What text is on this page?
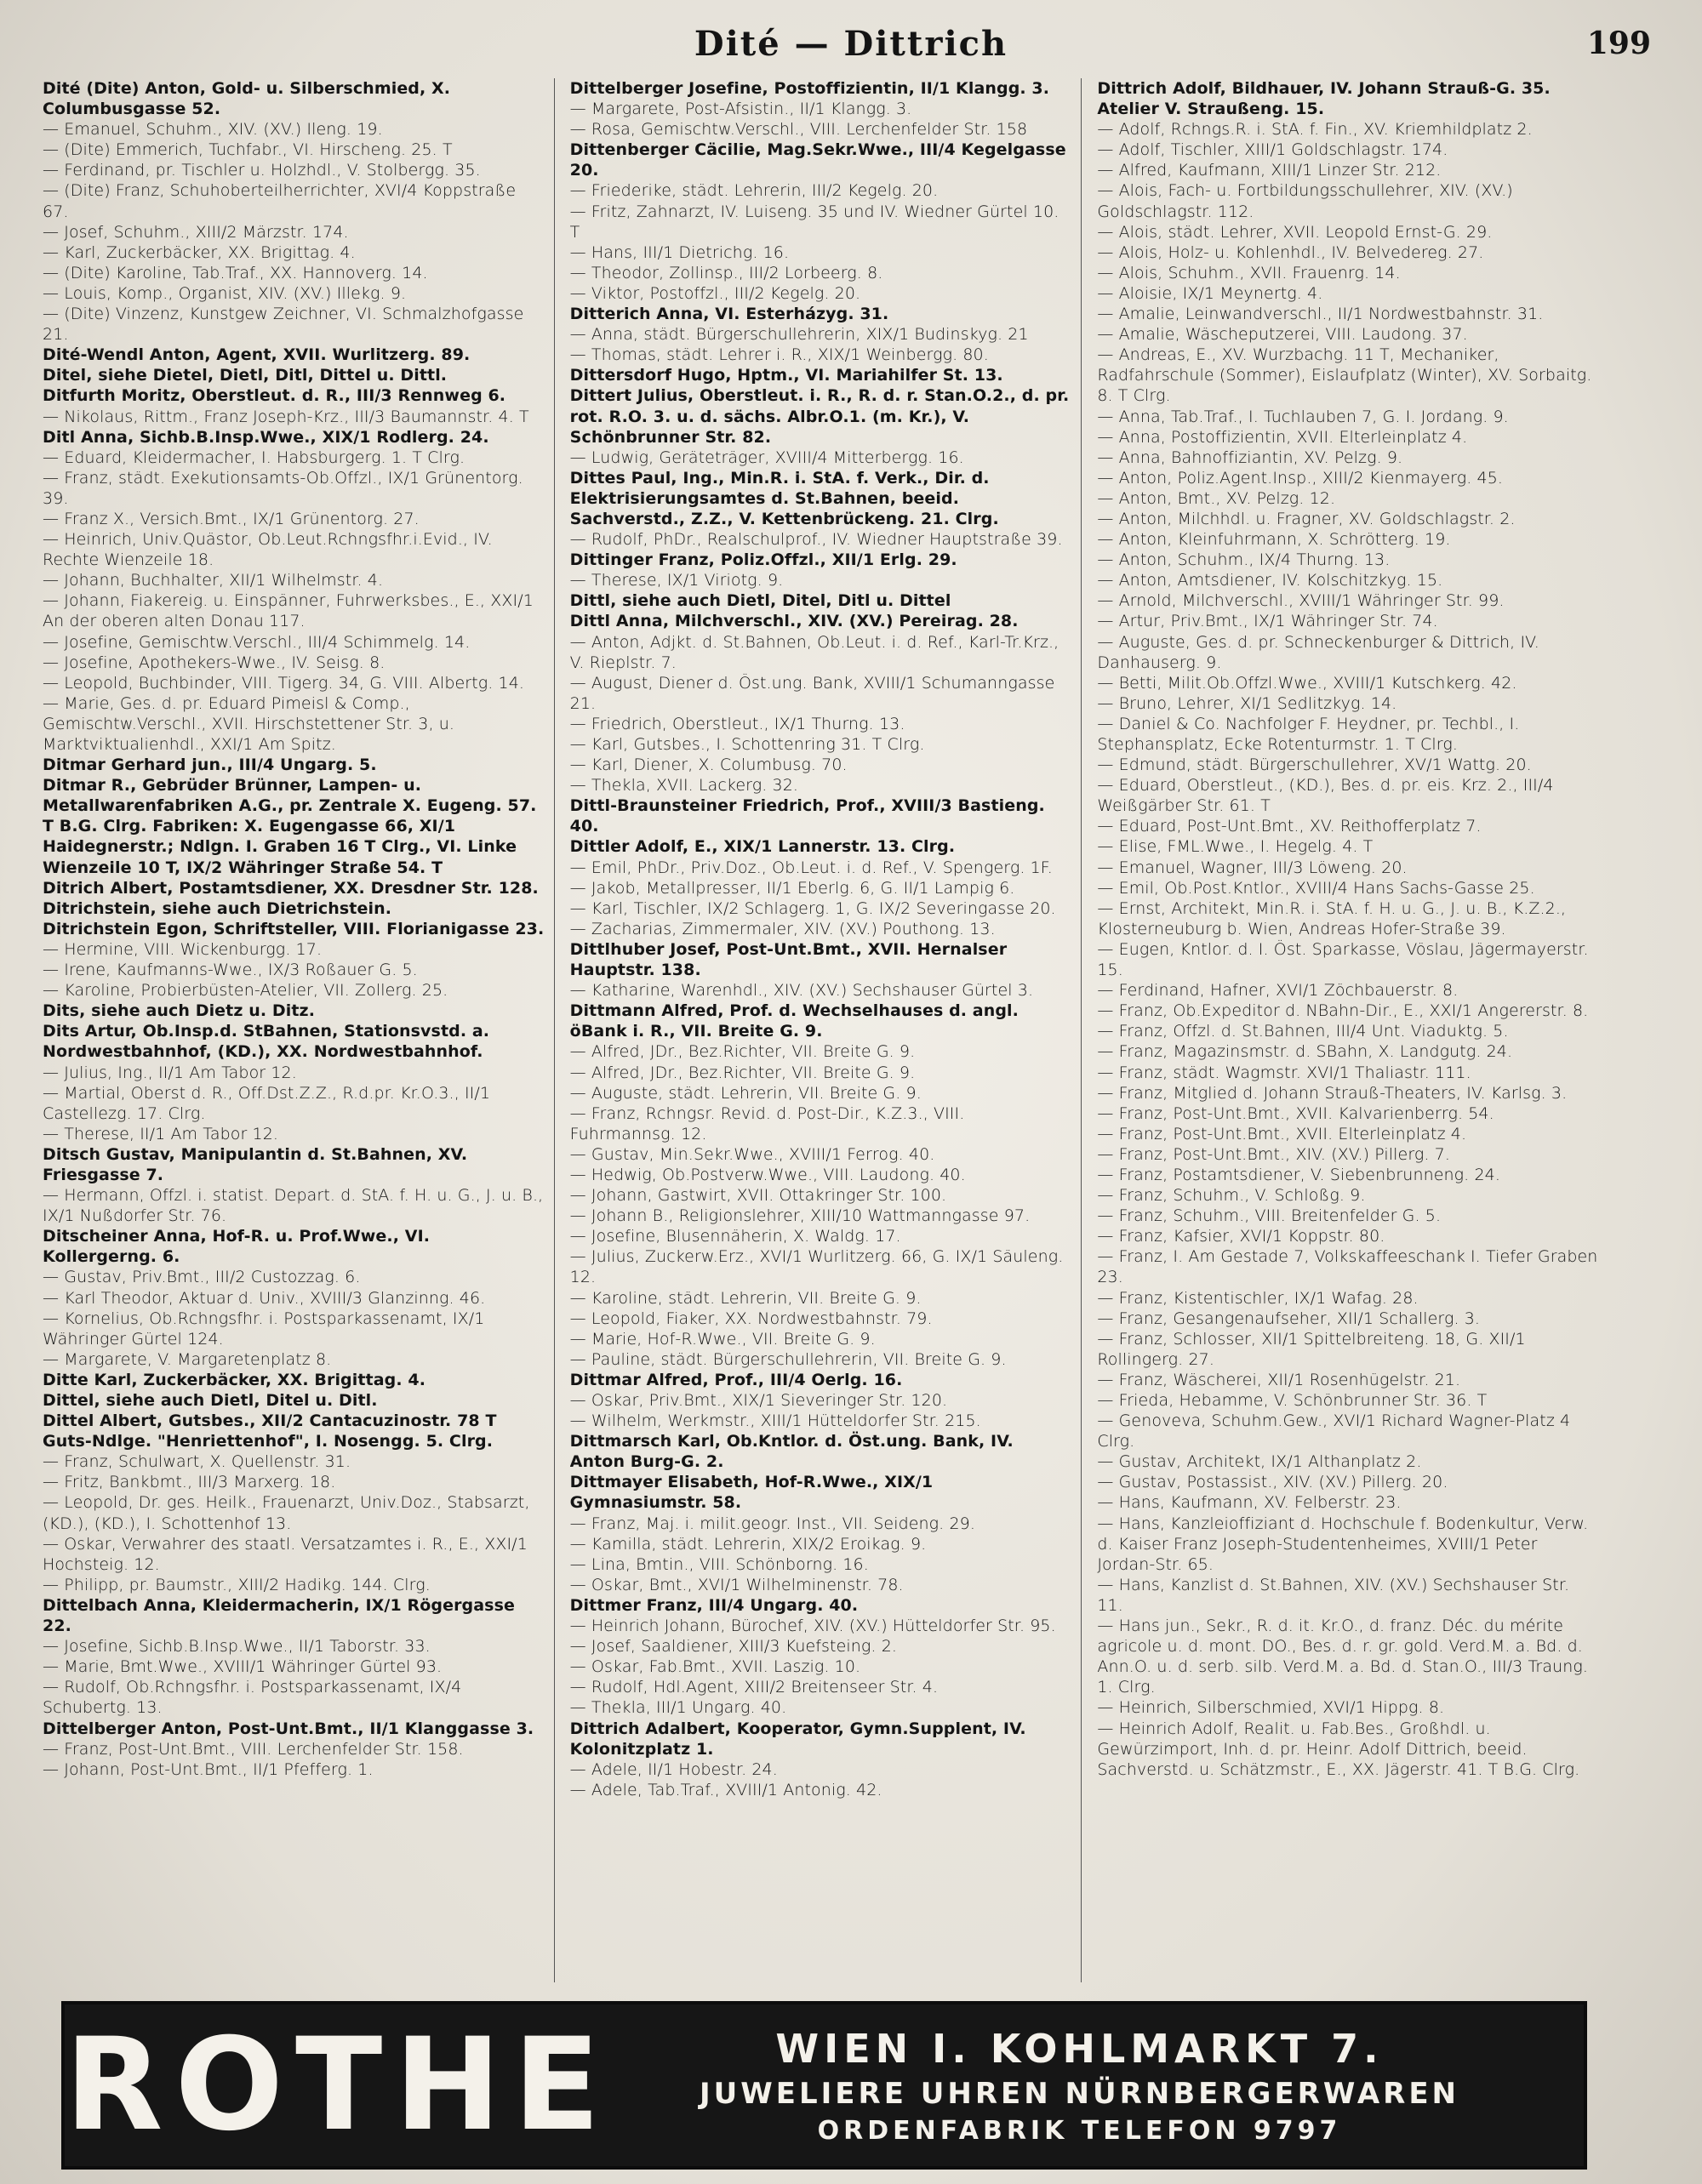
Dité — Dittrich	199
Dité (Dite) Anton, Gold- u. Silberschmied, X. Columbusgasse 52.
— Emanuel, Schuhm., XIV. (XV.) Ileng. 19.
— (Dite) Emmerich, Tuchfabr., VI. Hirscheng. 25. T
— Ferdinand, pr. Tischler u. Holzhdl., V. Stolbergg. 35.
— (Dite) Franz, Schuhoberteilherrichter, XVI/4 Koppstraße 67.
— Josef, Schuhm., XIII/2 Märzstr. 174.
— Karl, Zuckerbäcker, XX. Brigittag. 4.
— (Dite) Karoline, Tab.Traf., XX. Hannoverg. 14.
— Louis, Komp., Organist, XIV. (XV.) Illekg. 9.
— (Dite) Vinzenz, Kunstgew Zeichner, VI. Schmalzhofgasse 21.
Dité-Wendl Anton, Agent, XVII. Wurlitzerg. 89.
Ditel, siehe Dietel, Dietl, Ditl, Dittel u. Dittl.
Ditfurth Moritz, Oberstleut. d. R., III/3 Rennweg 6.
— Nikolaus, Rittm., Franz Joseph-Krz., III/3 Baumannstr. 4. T
Ditl Anna, Sichb.B.Insp.Wwe., XIX/1 Rodlerg. 24.
— Eduard, Kleidermacher, I. Habsburgerg. 1. T Clrg.
— Franz, städt. Exekutionsamts-Ob.Offzl., IX/1 Grünentorg. 39.
— Franz X., Versich.Bmt., IX/1 Grünentorg. 27.
— Heinrich, Univ.Quästor, Ob.Leut.Rchngsfhr.i.Evid., IV. Rechte Wienzeile 18.
— Johann, Buchhalter, XII/1 Wilhelmstr. 4.
— Johann, Fiakereig. u. Einspänner, Fuhrwerksbes., E., XXI/1 An der oberen alten Donau 117.
— Josefine, Gemischtw.Verschl., III/4 Schimmelg. 14.
— Josefine, Apothekers-Wwe., IV. Seisg. 8.
— Leopold, Buchbinder, VIII. Tigerg. 34, G. VIII. Albertg. 14.
— Marie, Ges. d. pr. Eduard Pimeisl & Comp., Gemischtw.Verschl., XVII. Hirschstettener Str. 3, u. Marktviktualienhdl., XXI/1 Am Spitz.
Ditmar Gerhard jun., III/4 Ungarg. 5.
Ditmar R., Gebrüder Brünner, Lampen- u. Metallwarenfabriken A.G., pr. Zentrale X. Eugeng. 57. T B.G. Clrg. Fabriken: X. Eugengasse 66, XI/1 Haidegnerstr.; Ndlgn. I. Graben 16 T Clrg., VI. Linke Wienzeile 10 T, IX/2 Währinger Straße 54. T
Ditrich Albert, Postamtsdiener, XX. Dresdner Str. 128.
Ditrichstein, siehe auch Dietrichstein.
Ditrichstein Egon, Schriftsteller, VIII. Florianigasse 23.
— Hermine, VIII. Wickenburgg. 17.
— Irene, Kaufmanns-Wwe., IX/3 Roßauer G. 5.
— Karoline, Probierbüsten-Atelier, VII. Zollerg. 25.
Dits, siehe auch Dietz u. Ditz.
Dits Artur, Ob.Insp.d. StBahnen, Stationsvstd. a. Nordwestbahnhof, (KD.), XX. Nordwestbahnhof.
— Julius, Ing., II/1 Am Tabor 12.
— Martial, Oberst d. R., Off.Dst.Z.Z., R.d.pr. Kr.O.3., II/1 Castellezg. 17. Clrg.
— Therese, II/1 Am Tabor 12.
Ditsch Gustav, Manipulantin d. St.Bahnen, XV. Friesgasse 7.
— Hermann, Offzl. i. statist. Depart. d. StA. f. H. u. G., J. u. B., IX/1 Nußdorfer Str. 76.
Ditscheiner Anna, Hof-R. u. Prof.Wwe., VI. Kollergerng. 6.
— Gustav, Priv.Bmt., III/2 Custozzag. 6.
— Karl Theodor, Aktuar d. Univ., XVIII/3 Glanzinng. 46.
— Kornelius, Ob.Rchngsfhr. i. Postsparkassenamt, IX/1 Währinger Gürtel 124.
— Margarete, V. Margaretenplatz 8.
Ditte Karl, Zuckerbäcker, XX. Brigittag. 4.
Dittel, siehe auch Dietl, Ditel u. Ditl.
Dittel Albert, Gutsbes., XII/2 Cantacuzinostr. 78 T Guts-Ndlge. "Henriettenhof", I. Nosengg. 5. Clrg.
— Franz, Schulwart, X. Quellenstr. 31.
— Fritz, Bankbmt., III/3 Marxerg. 18.
— Leopold, Dr. ges. Heilk., Frauenarzt, Univ.Doz., Stabsarzt, (KD.), (KD.), I. Schottenhof 13.
— Oskar, Verwahrer des staatl. Versatzamtes i. R., E., XXI/1 Hochsteig. 12.
— Philipp, pr. Baumstr., XIII/2 Hadikg. 144. Clrg.
Dittelbach Anna, Kleidermacherin, IX/1 Rögergasse 22.
— Josefine, Sichb.B.Insp.Wwe., II/1 Taborstr. 33.
— Marie, Bmt.Wwe., XVIII/1 Währinger Gürtel 93.
— Rudolf, Ob.Rchngsfhr. i. Postsparkassenamt, IX/4 Schubertg. 13.
Dittelberger Anton, Post-Unt.Bmt., II/1 Klanggasse 3.
— Franz, Post-Unt.Bmt., VIII. Lerchenfelder Str. 158.
— Johann, Post-Unt.Bmt., II/1 Pfefferg. 1.
Dittelberger Josefine, Postoffizientin, II/1 Klangg. 3.
— Margarete, Post-Afsistin., II/1 Klangg. 3.
— Rosa, Gemischtw.Verschl., VIII. Lerchenfelder Str. 158
Dittenberger Cäcilie, Mag.Sekr.Wwe., III/4 Kegelgasse 20.
— Friederike, städt. Lehrerin, III/2 Kegelg. 20.
— Fritz, Zahnarzt, IV. Luiseng. 35 und IV. Wiedner Gürtel 10. T
— Hans, III/1 Dietrichg. 16.
— Theodor, Zollinsp., III/2 Lorbeerg. 8.
— Viktor, Postoffzl., III/2 Kegelg. 20.
Ditterich Anna, VI. Esterházyg. 31.
— Anna, städt. Bürgerschullehrerin, XIX/1 Budinskyg. 21
— Thomas, städt. Lehrer i. R., XIX/1 Weinbergg. 80.
Dittersdorf Hugo, Hptm., VI. Mariahilfer St. 13.
Dittert Julius, Oberstleut. i. R., R. d. r. Stan.O.2., d. pr. rot. R.O. 3. u. d. sächs. Albr.O.1. (m. Kr.), V. Schönbrunner Str. 82.
— Ludwig, Geräteträger, XVIII/4 Mitterbergg. 16.
Dittes Paul, Ing., Min.R. i. StA. f. Verk., Dir. d. Elektrisierungsamtes d. St.Bahnen, beeid. Sachverstd., Z.Z., V. Kettenbrückeng. 21. Clrg.
— Rudolf, PhDr., Realschulprof., IV. Wiedner Hauptstraße 39.
Dittinger Franz, Poliz.Offzl., XII/1 Erlg. 29.
— Therese, IX/1 Viriotg. 9.
Dittl, siehe auch Dietl, Ditel, Ditl u. Dittel
Dittl Anna, Milchverschl., XIV. (XV.) Pereirag. 28.
— Anton, Adjkt. d. St.Bahnen, Ob.Leut. i. d. Ref., Karl-Tr.Krz., V. Rieplstr. 7.
— August, Diener d. Öst.ung. Bank, XVIII/1 Schumanngasse 21.
— Friedrich, Oberstleut., IX/1 Thurng. 13.
— Karl, Gutsbes., I. Schottenring 31. T Clrg.
— Karl, Diener, X. Columbusg. 70.
— Thekla, XVII. Lackerg. 32.
Dittl-Braunsteiner Friedrich, Prof., XVIII/3 Bastieng. 40.
Dittler Adolf, E., XIX/1 Lannerstr. 13. Clrg.
— Emil, PhDr., Priv.Doz., Ob.Leut. i. d. Ref., V. Spengerg. 1F.
— Jakob, Metallpresser, II/1 Eberlg. 6, G. II/1 Lampig 6.
— Karl, Tischler, IX/2 Schlagerg. 1, G. IX/2 Severingasse 20.
— Zacharias, Zimmermaler, XIV. (XV.) Pouthong. 13.
Dittlhuber Josef, Post-Unt.Bmt., XVII. Hernalser Hauptstr. 138.
— Katharine, Warenhdl., XIV. (XV.) Sechshauser Gürtel 3.
Dittmann Alfred, Prof. d. Wechselhauses d. angl. öBank i. R., VII. Breite G. 9.
— Alfred, JDr., Bez.Richter, VII. Breite G. 9.
— Alfred, JDr., Bez.Richter, VII. Breite G. 9.
— Auguste, städt. Lehrerin, VII. Breite G. 9.
— Franz, Rchngsr. Revid. d. Post-Dir., K.Z.3., VIII. Fuhrmannsg. 12.
— Gustav, Min.Sekr.Wwe., XVIII/1 Ferrog. 40.
— Hedwig, Ob.Postverw.Wwe., VIII. Laudong. 40.
— Johann, Gastwirt, XVII. Ottakringer Str. 100.
— Johann B., Religionslehrer, XIII/10 Wattmanngasse 97.
— Josefine, Blusennäherin, X. Waldg. 17.
— Julius, Zuckerw.Erz., XVI/1 Wurlitzerg. 66, G. IX/1 Säuleng. 12.
— Karoline, städt. Lehrerin, VII. Breite G. 9.
— Leopold, Fiaker, XX. Nordwestbahnstr. 79.
— Marie, Hof-R.Wwe., VII. Breite G. 9.
— Pauline, städt. Bürgerschullehrerin, VII. Breite G. 9.
Dittmar Alfred, Prof., III/4 Oerlg. 16.
— Oskar, Priv.Bmt., XIX/1 Sieveringer Str. 120.
— Wilhelm, Werkmstr., XIII/1 Hütteldorfer Str. 215.
Dittmarsch Karl, Ob.Kntlor. d. Öst.ung. Bank, IV. Anton Burg-G. 2.
Dittmayer Elisabeth, Hof-R.Wwe., XIX/1 Gymnasiumstr. 58.
— Franz, Maj. i. milit.geogr. Inst., VII. Seideng. 29.
— Kamilla, städt. Lehrerin, XIX/2 Eroikag. 9.
— Lina, Bmtin., VIII. Schönborng. 16.
— Oskar, Bmt., XVI/1 Wilhelminenstr. 78.
Dittmer Franz, III/4 Ungarg. 40.
— Heinrich Johann, Bürochef, XIV. (XV.) Hütteldorfer Str. 95.
— Josef, Saaldiener, XIII/3 Kuefsteing. 2.
— Oskar, Fab.Bmt., XVII. Laszig. 10.
— Rudolf, Hdl.Agent, XIII/2 Breitenseer Str. 4.
— Thekla, III/1 Ungarg. 40.
Dittrich Adalbert, Kooperator, Gymn.Supplent, IV. Kolonitzplatz 1.
— Adele, II/1 Hobestr. 24.
— Adele, Tab.Traf., XVIII/1 Antonig. 42.
Dittrich Adolf, Bildhauer, IV. Johann Strauß-G. 35. Atelier V. Straußeng. 15.
— Adolf, Rchngs.R. i. StA. f. Fin., XV. Kriemhildplatz 2.
— Adolf, Tischler, XIII/1 Goldschlagstr. 174.
— Alfred, Kaufmann, XIII/1 Linzer Str. 212.
— Alois, Fach- u. Fortbildungsschullehrer, XIV. (XV.) Goldschlagstr. 112.
— Alois, städt. Lehrer, XVII. Leopold Ernst-G. 29.
— Alois, Holz- u. Kohlenhdl., IV. Belvedereg. 27.
— Alois, Schuhm., XVII. Frauenrg. 14.
— Aloisie, IX/1 Meynertg. 4.
— Amalie, Leinwandverschl., II/1 Nordwestbahnstr. 31.
— Amalie, Wäscheputzerei, VIII. Laudong. 37.
— Andreas, E., XV. Wurzbachg. 11 T, Mechaniker, Radfahrschule (Sommer), Eislaufplatz (Winter), XV. Sorbaitg. 8. T Clrg.
— Anna, Tab.Traf., I. Tuchlauben 7, G. I. Jordang. 9.
— Anna, Postoffizientin, XVII. Elterleinplatz 4.
— Anna, Bahnoffiziantin, XV. Pelzg. 9.
— Anton, Poliz.Agent.Insp., XIII/2 Kienmayerg. 45.
— Anton, Bmt., XV. Pelzg. 12.
— Anton, Milchhdl. u. Fragner, XV. Goldschlagstr. 2.
— Anton, Kleinfuhrmann, X. Schrötterg. 19.
— Anton, Schuhm., IX/4 Thurng. 13.
— Anton, Amtsdiener, IV. Kolschitzkyg. 15.
— Arnold, Milchverschl., XVIII/1 Währinger Str. 99.
— Artur, Priv.Bmt., IX/1 Währinger Str. 74.
— Auguste, Ges. d. pr. Schneckenburger & Dittrich, IV. Danhauserg. 9.
— Betti, Milit.Ob.Offzl.Wwe., XVIII/1 Kutschkerg. 42.
— Bruno, Lehrer, XI/1 Sedlitzkyg. 14.
— Daniel & Co. Nachfolger F. Heydner, pr. Techbl., I. Stephansplatz, Ecke Rotenturmstr. 1. T Clrg.
— Edmund, städt. Bürgerschullehrer, XV/1 Wattg. 20.
— Eduard, Oberstleut., (KD.), Bes. d. pr. eis. Krz. 2., III/4 Weißgärber Str. 61. T
— Eduard, Post-Unt.Bmt., XV. Reithofferplatz 7.
— Elise, FML.Wwe., I. Hegelg. 4. T
— Emanuel, Wagner, III/3 Löweng. 20.
— Emil, Ob.Post.Kntlor., XVIII/4 Hans Sachs-Gasse 25.
— Ernst, Architekt, Min.R. i. StA. f. H. u. G., J. u. B., K.Z.2., Klosterneuburg b. Wien, Andreas Hofer-Straße 39.
— Eugen, Kntlor. d. I. Öst. Sparkasse, Vöslau, Jägermayerstr. 15.
— Ferdinand, Hafner, XVI/1 Zöchbauerstr. 8.
— Franz, Ob.Expeditor d. NBahn-Dir., E., XXI/1 Angererstr. 8.
— Franz, Offzl. d. St.Bahnen, III/4 Unt. Viaduktg. 5.
— Franz, Magazinsmstr. d. SBahn, X. Landgutg. 24.
— Franz, städt. Wagmstr. XVI/1 Thaliastr. 111.
— Franz, Mitglied d. Johann Strauß-Theaters, IV. Karlsg. 3.
— Franz, Post-Unt.Bmt., XVII. Kalvarienberrg. 54.
— Franz, Post-Unt.Bmt., XVII. Elterleinplatz 4.
— Franz, Post-Unt.Bmt., XIV. (XV.) Pillerg. 7.
— Franz, Postamtsdiener, V. Siebenbrunneng. 24.
— Franz, Schuhm., V. Schloßg. 9.
— Franz, Schuhm., VIII. Breitenfelder G. 5.
— Franz, Kafsier, XVI/1 Koppstr. 80.
— Franz, I. Am Gestade 7, Volkskaffeeschank I. Tiefer Graben 23.
— Franz, Kistentischler, IX/1 Wafag. 28.
— Franz, Gesangenaufseher, XII/1 Schallerg. 3.
— Franz, Schlosser, XII/1 Spittelbreiteng. 18, G. XII/1 Rollingerg. 27.
— Franz, Wäscherei, XII/1 Rosenhügelstr. 21.
— Frieda, Hebamme, V. Schönbrunner Str. 36. T
— Genoveva, Schuhm.Gew., XVI/1 Richard Wagner-Platz 4 Clrg.
— Gustav, Architekt, IX/1 Althanplatz 2.
— Gustav, Postassist., XIV. (XV.) Pillerg. 20.
— Hans, Kaufmann, XV. Felberstr. 23.
— Hans, Kanzleioffiziant d. Hochschule f. Bodenkultur, Verw. d. Kaiser Franz Joseph-Studentenheimes, XVIII/1 Peter Jordan-Str. 65.
— Hans, Kanzlist d. St.Bahnen, XIV. (XV.) Sechshauser Str. 11.
— Hans jun., Sekr., R. d. it. Kr.O., d. franz. Déc. du mérite agricole u. d. mont. DO., Bes. d. r. gr. gold. Verd.M. a. Bd. d. Ann.O. u. d. serb. silb. Verd.M. a. Bd. d. Stan.O., III/3 Traung. 1. Clrg.
— Heinrich, Silberschmied, XVI/1 Hippg. 8.
— Heinrich Adolf, Realit. u. Fab.Bes., Großhdl. u. Gewürzimport, Inh. d. pr. Heinr. Adolf Dittrich, beeid. Sachverstd. u. Schätzmstr., E., XX. Jägerstr. 41. T B.G. Clrg.
ROTHE	WIEN I. KOHLMARKT 7.
JUWELIERE UHREN NÜRNBERGERWAREN
ORDENFABRIK TELEFON 9797
